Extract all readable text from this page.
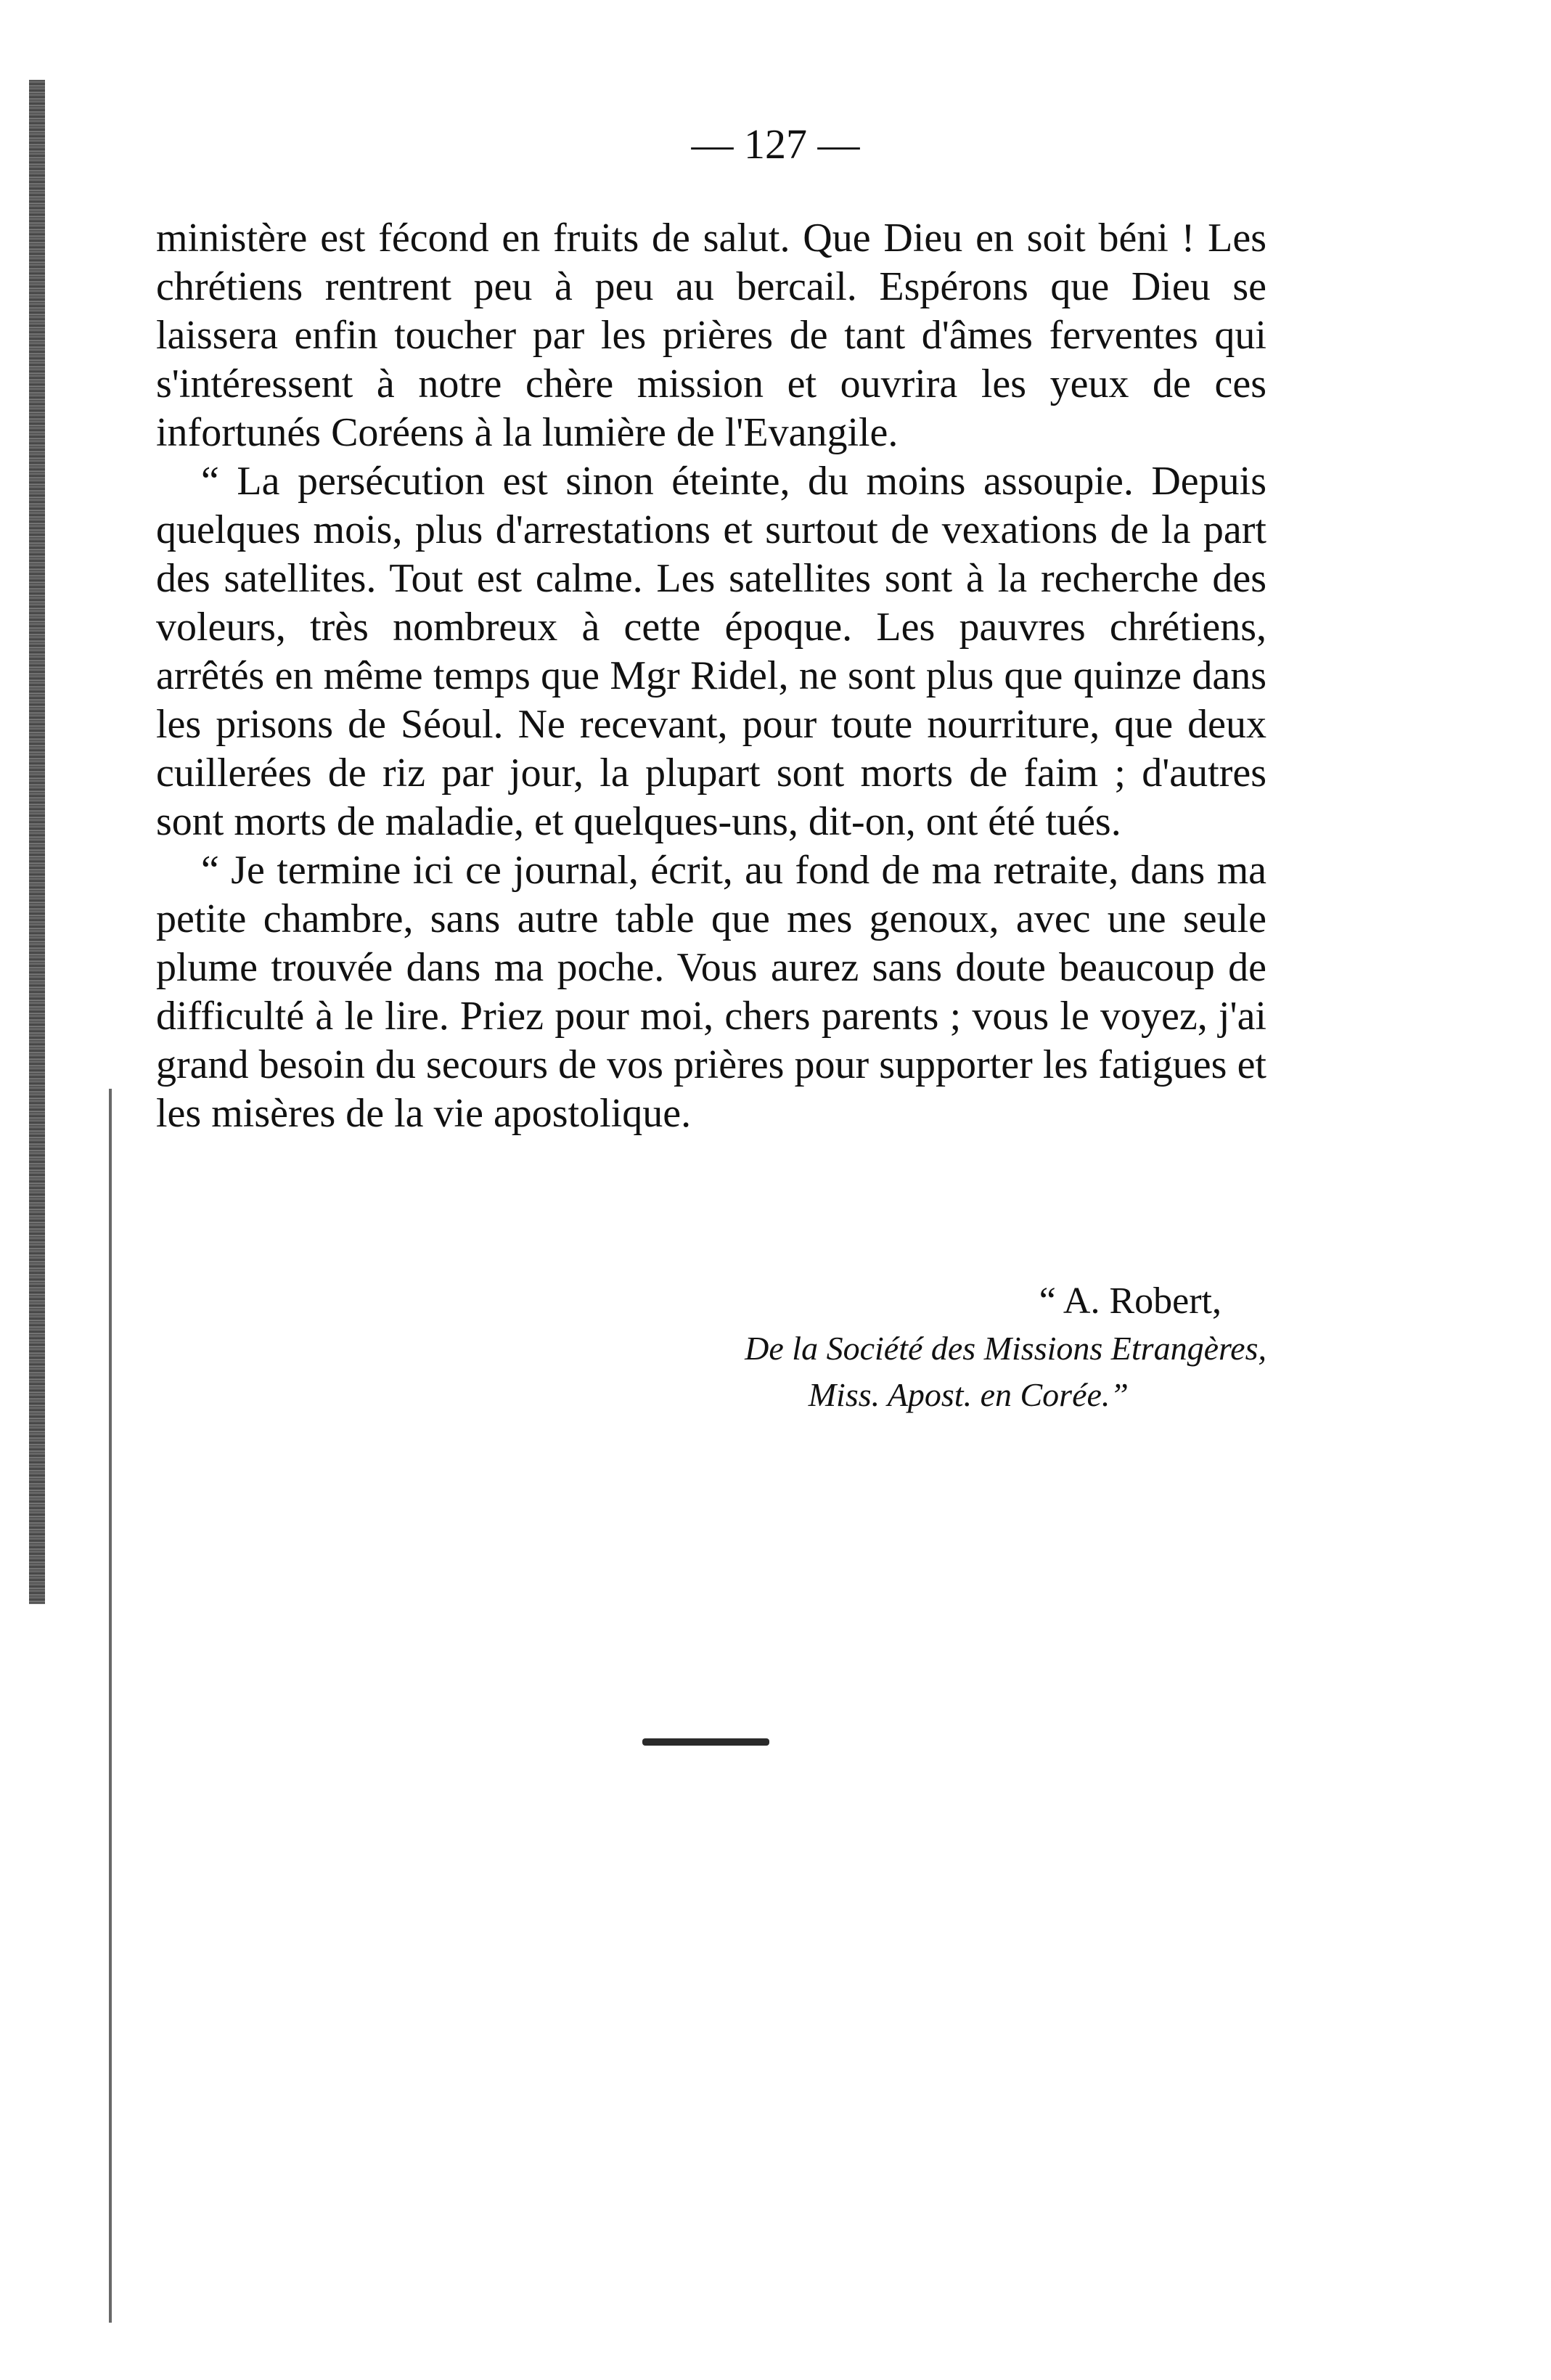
— 127 —

ministère est fécond en fruits de salut. Que Dieu en soit béni ! Les chrétiens rentrent peu à peu au bercail. Espérons que Dieu se laissera enfin toucher par les prières de tant d'âmes ferventes qui s'intéressent à notre chère mission et ouvrira les yeux de ces infortunés Coréens à la lumière de l'Evangile.

“ La persécution est sinon éteinte, du moins assoupie. Depuis quelques mois, plus d'arrestations et surtout de vexations de la part des satellites. Tout est calme. Les satellites sont à la recherche des voleurs, très nombreux à cette époque. Les pauvres chrétiens, arrêtés en même temps que Mgr Ridel, ne sont plus que quinze dans les prisons de Séoul. Ne recevant, pour toute nourriture, que deux cuillerées de riz par jour, la plupart sont morts de faim ; d'autres sont morts de maladie, et quelques-uns, dit-on, ont été tués.

“ Je termine ici ce journal, écrit, au fond de ma retraite, dans ma petite chambre, sans autre table que mes genoux, avec une seule plume trouvée dans ma poche. Vous aurez sans doute beaucoup de difficulté à le lire. Priez pour moi, chers parents ; vous le voyez, j'ai grand besoin du secours de vos prières pour supporter les fatigues et les misères de la vie apostolique.

“ A. Robert,
De la Société des Missions Etrangères,
Miss. Apost. en Corée.”
